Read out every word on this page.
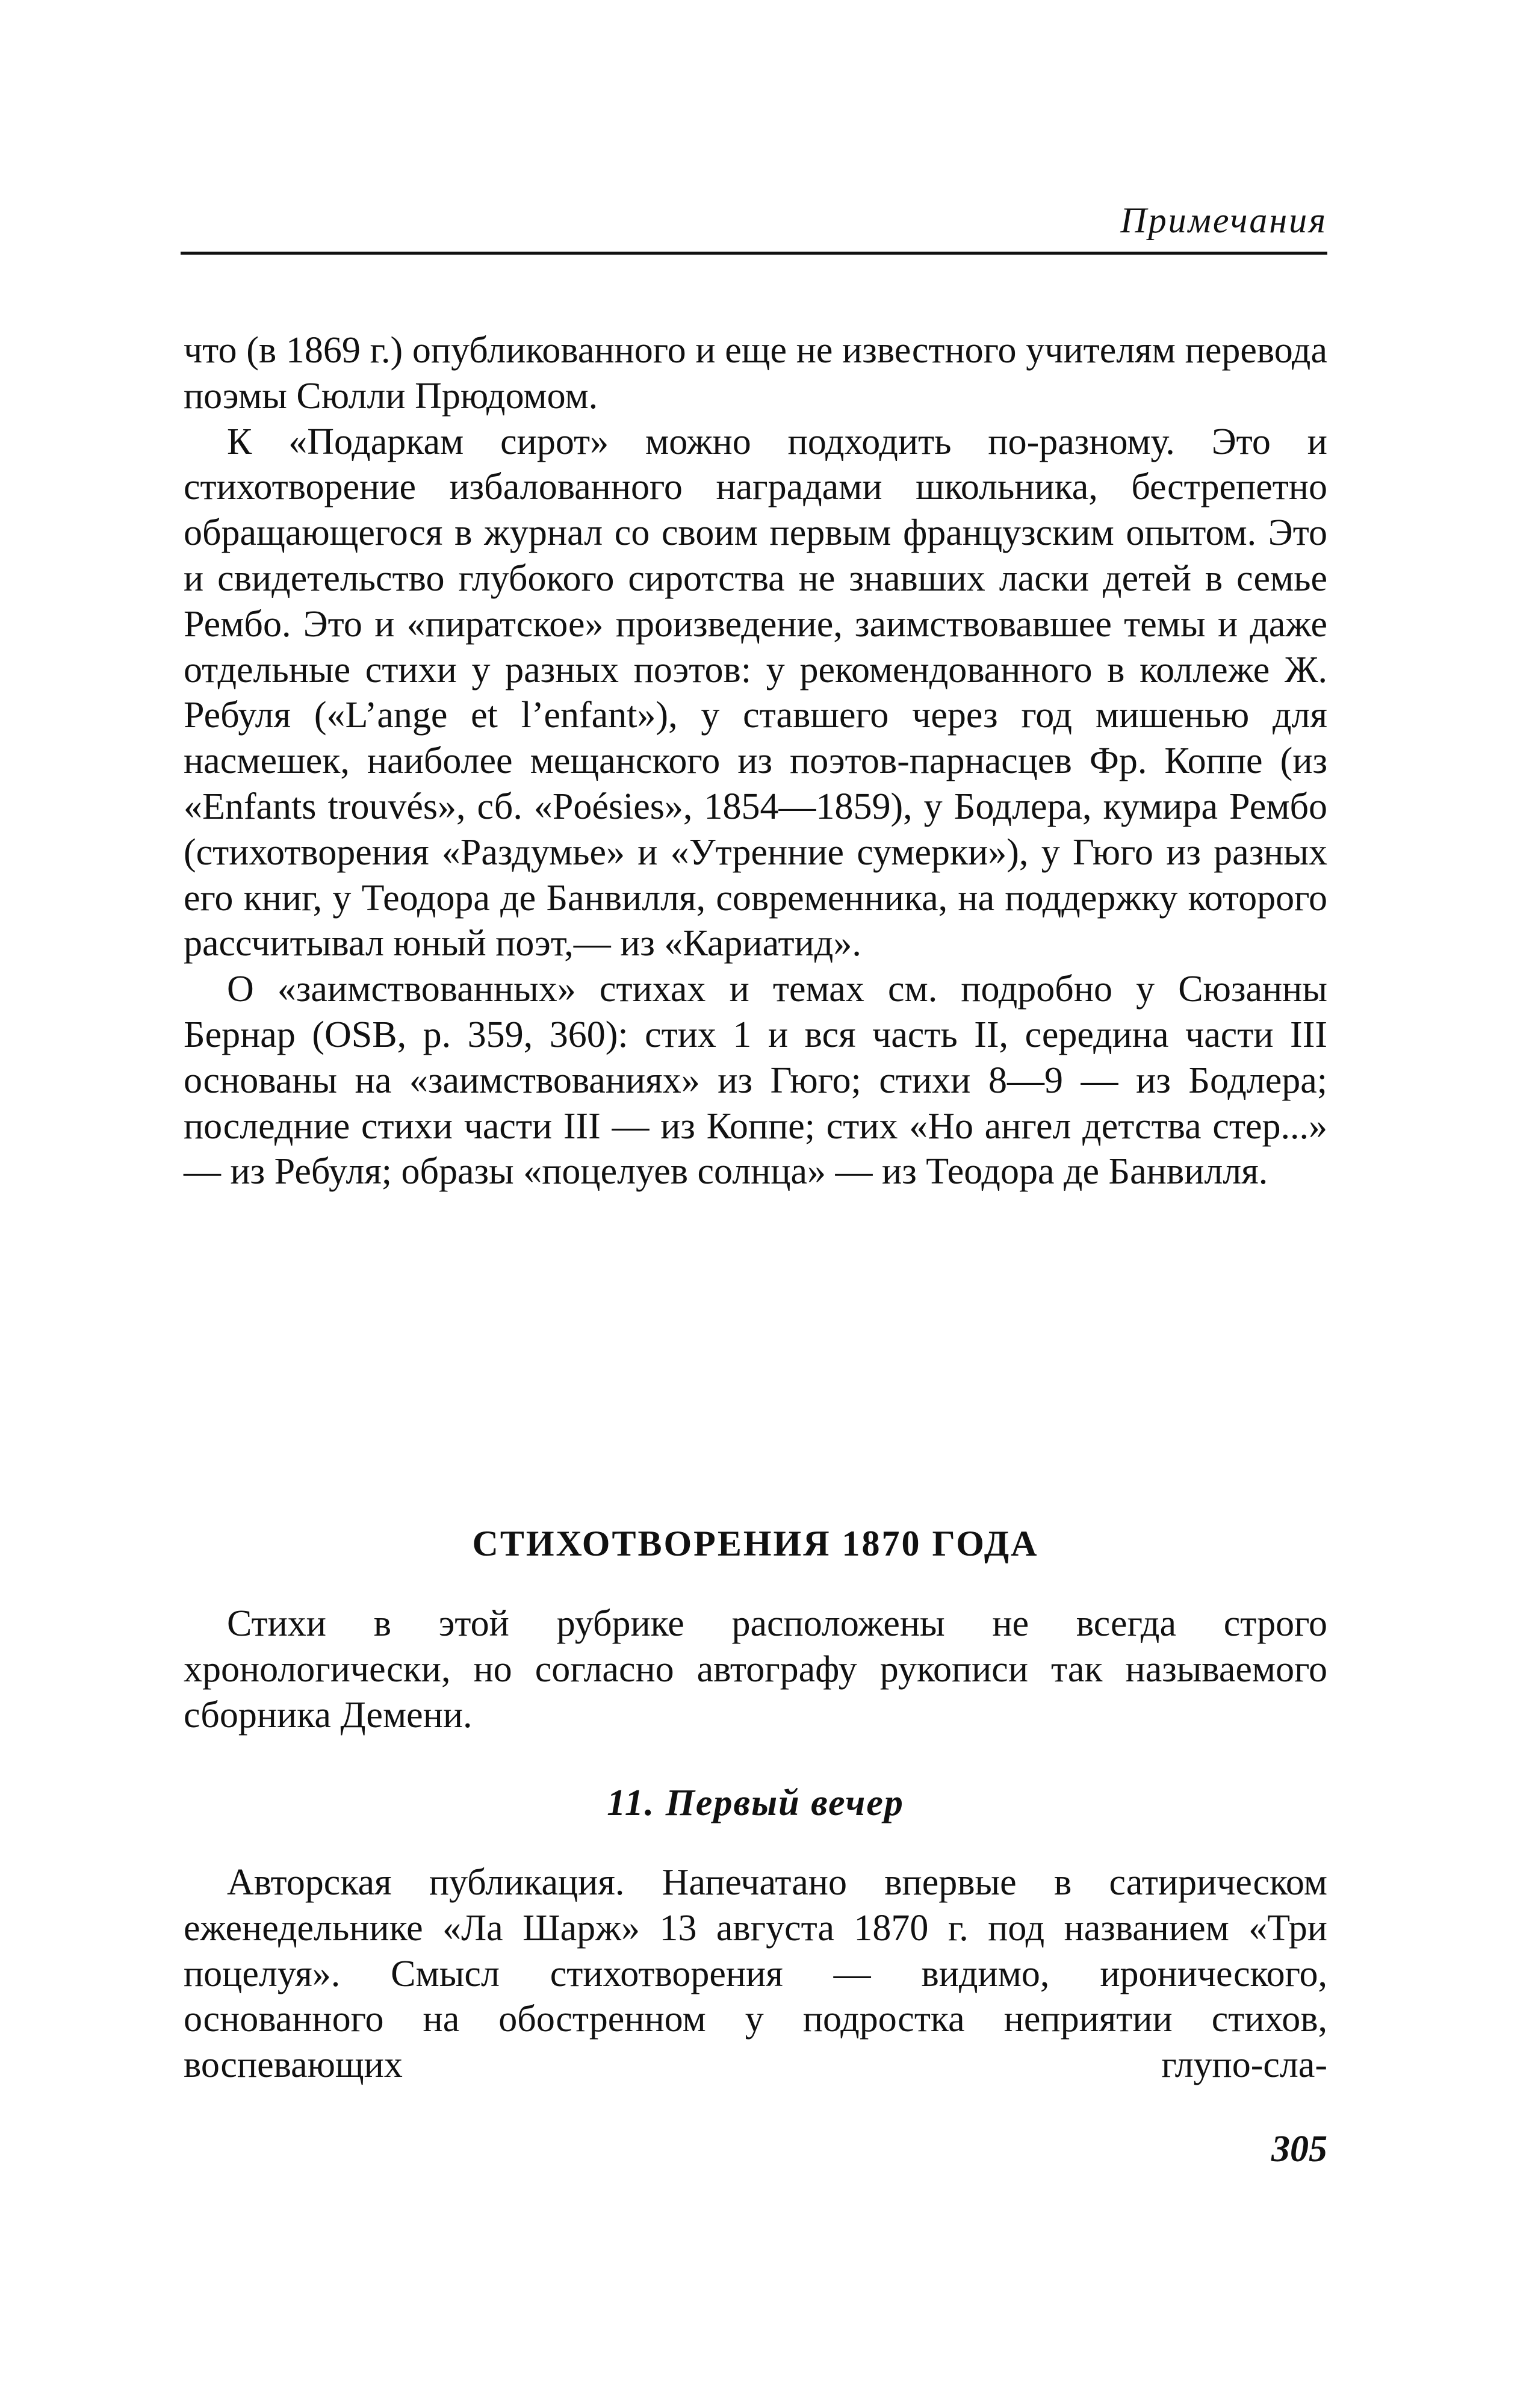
Примечания

что (в 1869 г.) опубликованного и еще не известного учителям перевода поэмы Сюлли Прюдомом.

К «Подаркам сирот» можно подходить по-разному. Это и стихотворение избалованного наградами школьника, бестрепетно обращающегося в журнал со своим первым французским опытом. Это и свидетельство глубокого сиротства не знавших ласки детей в семье Рембо. Это и «пиратское» произведение, заимствовавшее темы и даже отдельные стихи у разных поэтов: у рекомендованного в коллеже Ж. Ребуля («L’ange et l’enfant»), у ставшего через год мишенью для насмешек, наиболее мещанского из поэтов-парнасцев Фр. Коппе (из «Enfants trouvés», сб. «Poésies», 1854—1859), у Бодлера, кумира Рембо (стихотворения «Раздумье» и «Утренние сумерки»), у Гюго из разных его книг, у Теодора де Банвилля, современника, на поддержку которого рассчитывал юный поэт,— из «Кариатид».

О «заимствованных» стихах и темах см. подробно у Сюзанны Бернар (OSB, p. 359, 360): стих 1 и вся часть II, середина части III основаны на «заимствованиях» из Гюго; стихи 8—9 — из Бодлера; последние стихи части III — из Коппе; стих «Но ангел детства стер...» — из Ребуля; образы «поцелуев солнца» — из Теодора де Банвилля.

СТИХОТВОРЕНИЯ 1870 ГОДА

Стихи в этой рубрике расположены не всегда строго хронологически, но согласно автографу рукописи так называемого сборника Демени.

11. Первый вечер

Авторская публикация. Напечатано впервые в сатирическом еженедельнике «Ла Шарж» 13 августа 1870 г. под названием «Три поцелуя». Смысл стихотворения — видимо, иронического, основанного на обостренном у подростка неприятии стихов, воспевающих глупо-сла-

305
